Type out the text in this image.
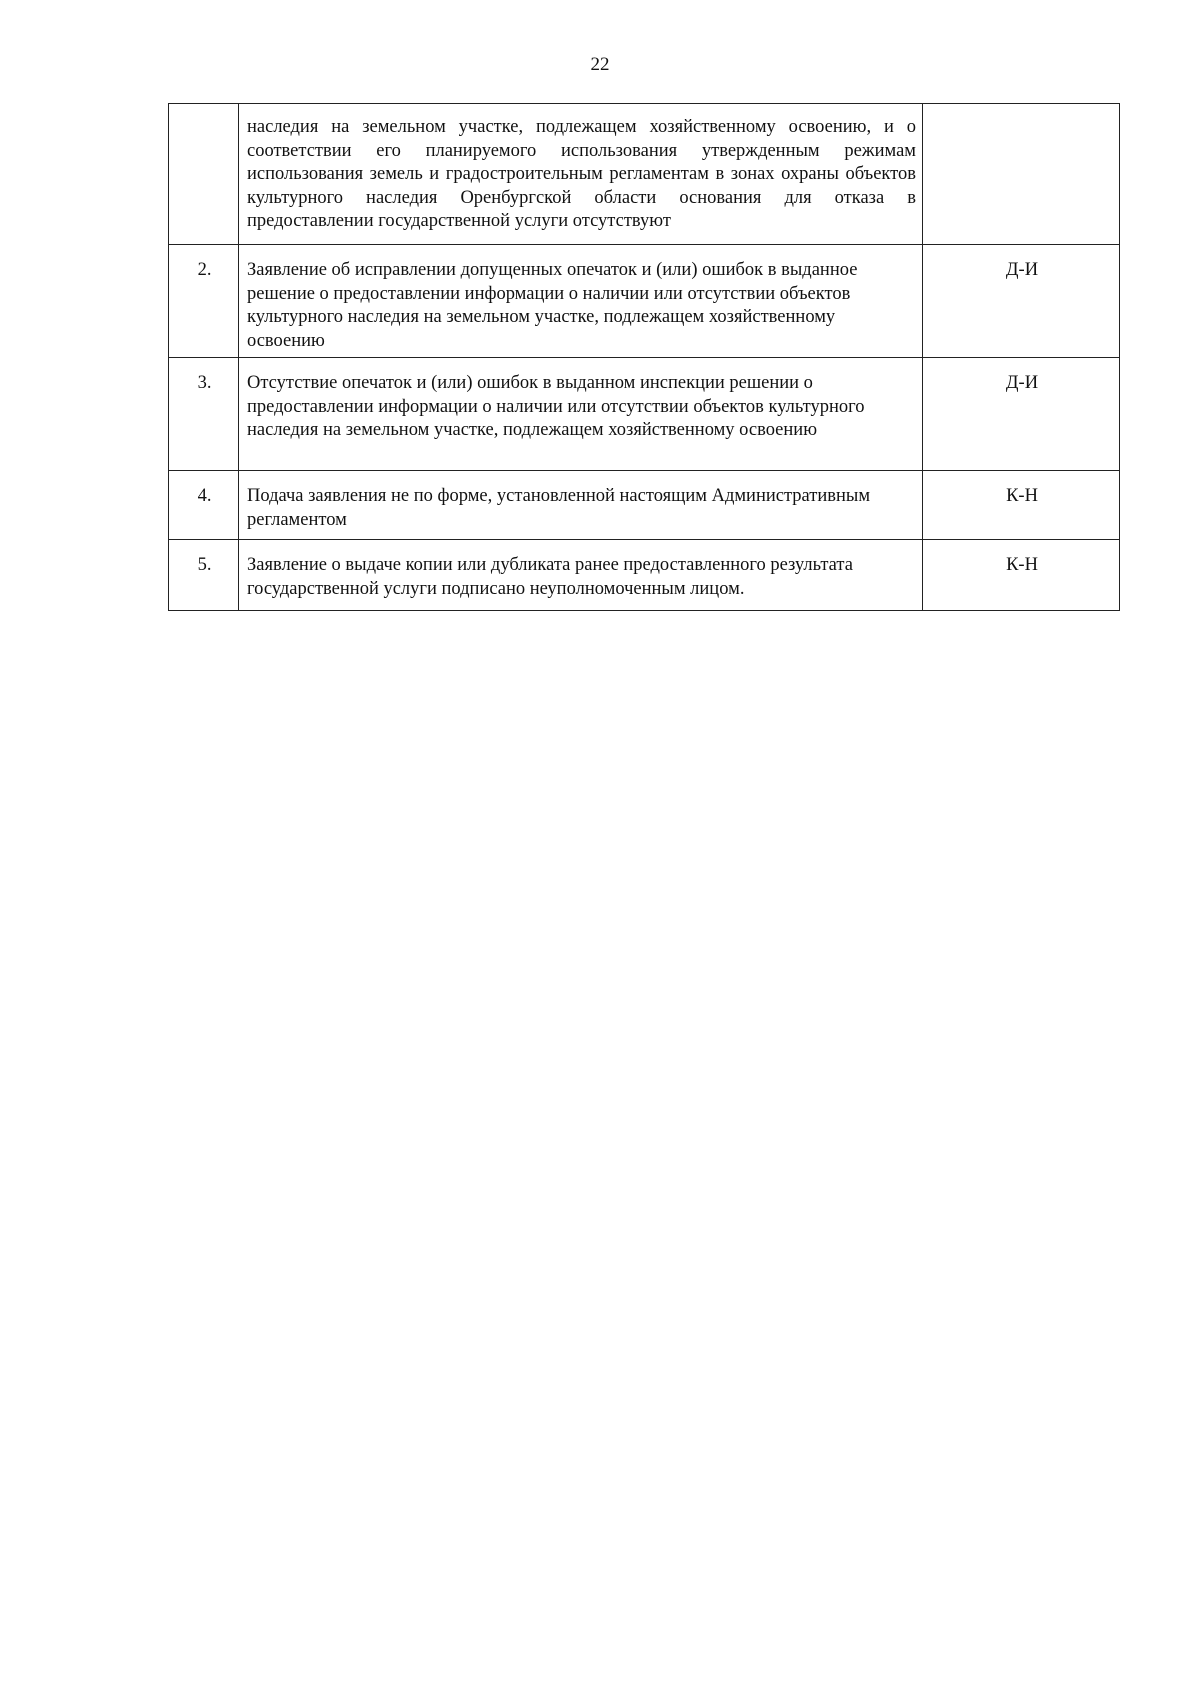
22
	наследия на земельном участке, подлежащем хозяйственному освоению, и о соответствии его планируемого использования утвержденным режимам использования земель и градостроительным регламентам в зонах охраны объектов культурного наследия Оренбургской области основания для отказа в предоставлении государственной услуги отсутствуют	
2.	Заявление об исправлении допущенных опечаток и (или) ошибок в выданное решение о предоставлении информации о наличии или отсутствии объектов культурного наследия на земельном участке, подлежащем хозяйственному освоению	Д-И
3.	Отсутствие опечаток и (или) ошибок в выданном инспекции решении о предоставлении информации о наличии или отсутствии объектов культурного наследия на земельном участке, подлежащем хозяйственному освоению	Д-И
4.	Подача заявления не по форме, установленной настоящим Административным регламентом	К-Н
5.	Заявление о выдаче копии или дубликата ранее предоставленного результата государственной услуги подписано неуполномоченным лицом.	К-Н
